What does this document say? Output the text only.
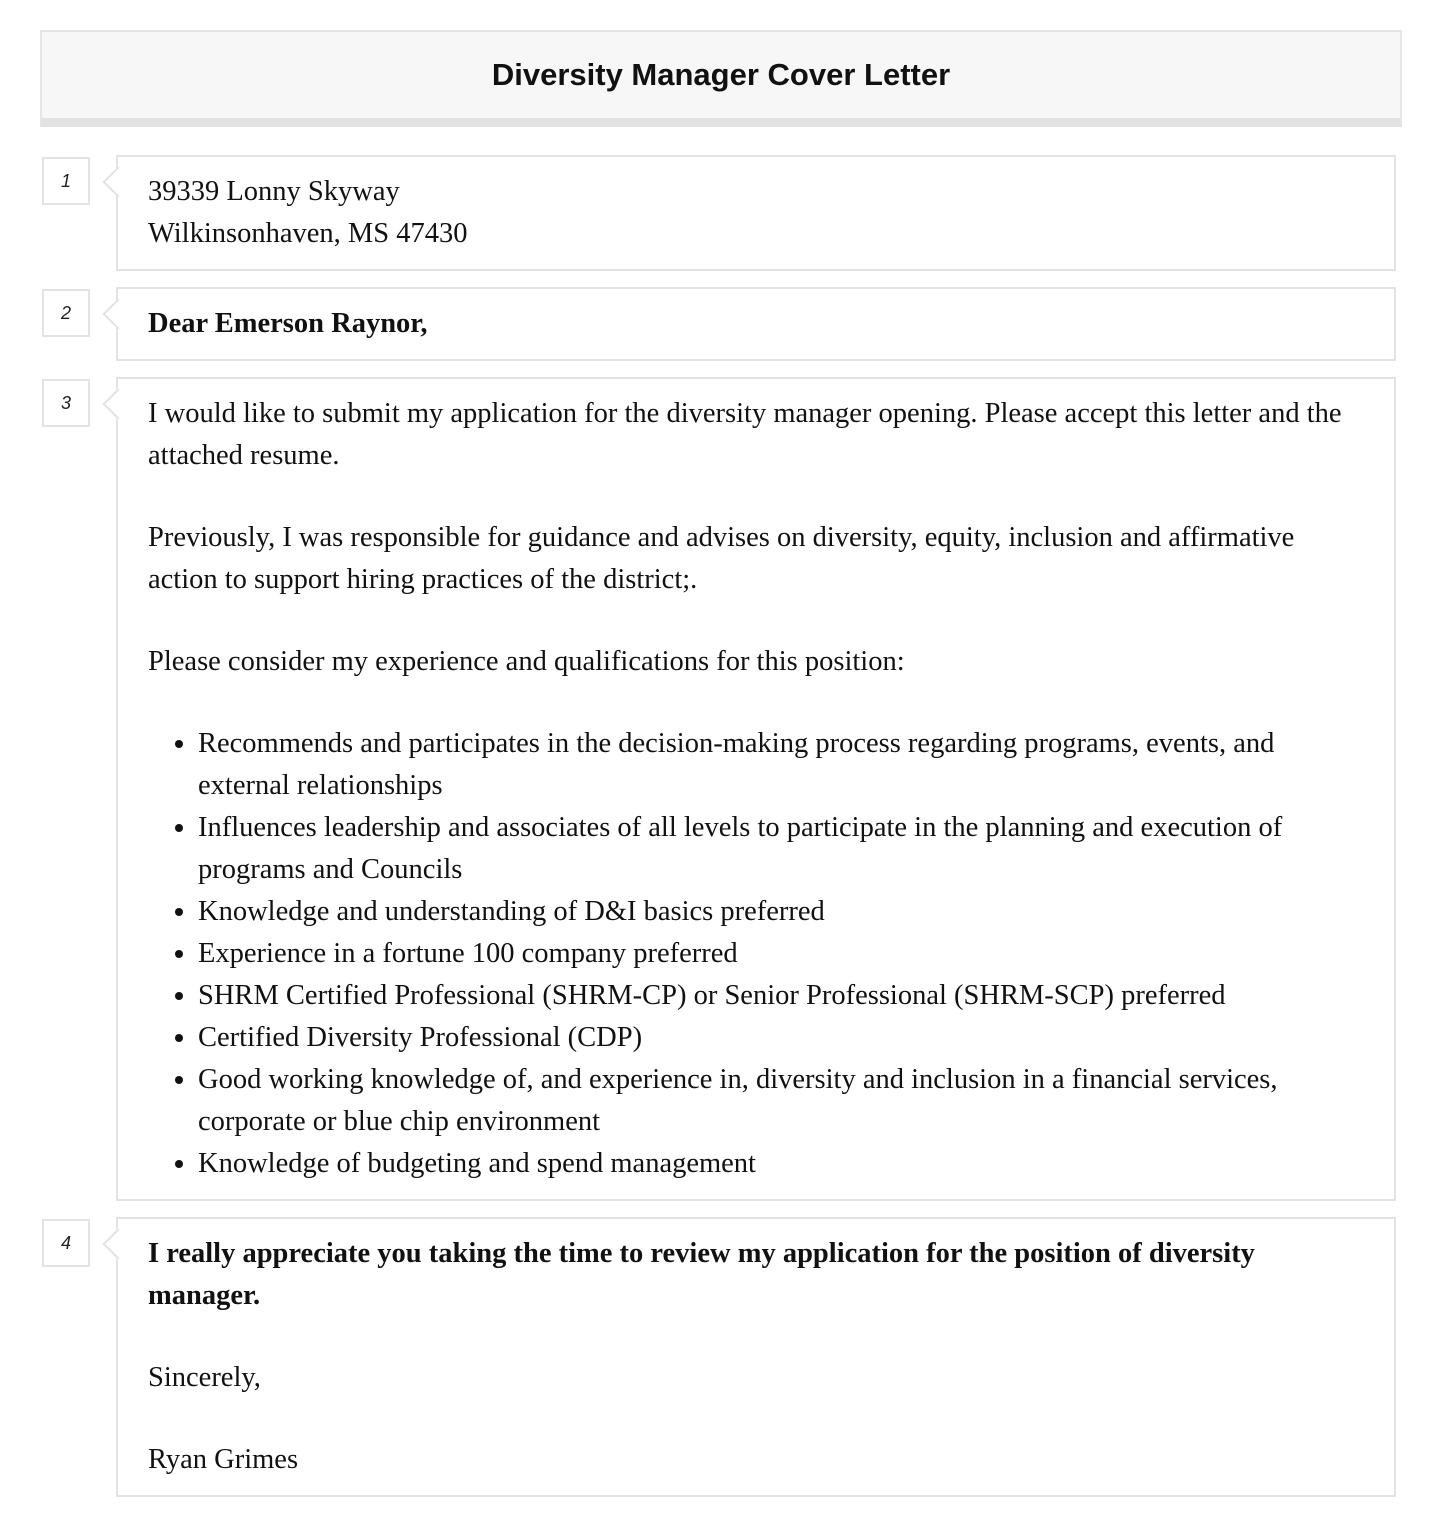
Diversity Manager Cover Letter
1	39339 Lonny Skyway

Wilkinsonhaven, MS 47430

2	Dear Emerson Raynor,

3	I would like to submit my application for the diversity manager opening. Please accept this letter and the attached resume.

Previously, I was responsible for guidance and advises on diversity, equity, inclusion and affirmative action to support hiring practices of the district;.

Please consider my experience and qualifications for this position:

• Recommends and participates in the decision-making process regarding programs, events, and external relationships
• Influences leadership and associates of all levels to participate in the planning and execution of programs and Councils
• Knowledge and understanding of D&I basics preferred
• Experience in a fortune 100 company preferred
• SHRM Certified Professional (SHRM-CP) or Senior Professional (SHRM-SCP) preferred
• Certified Diversity Professional (CDP)
• Good working knowledge of, and experience in, diversity and inclusion in a financial services, corporate or blue chip environment
• Knowledge of budgeting and spend management
4	I really appreciate you taking the time to review my application for the position of diversity manager.

Sincerely,

Ryan Grimes
